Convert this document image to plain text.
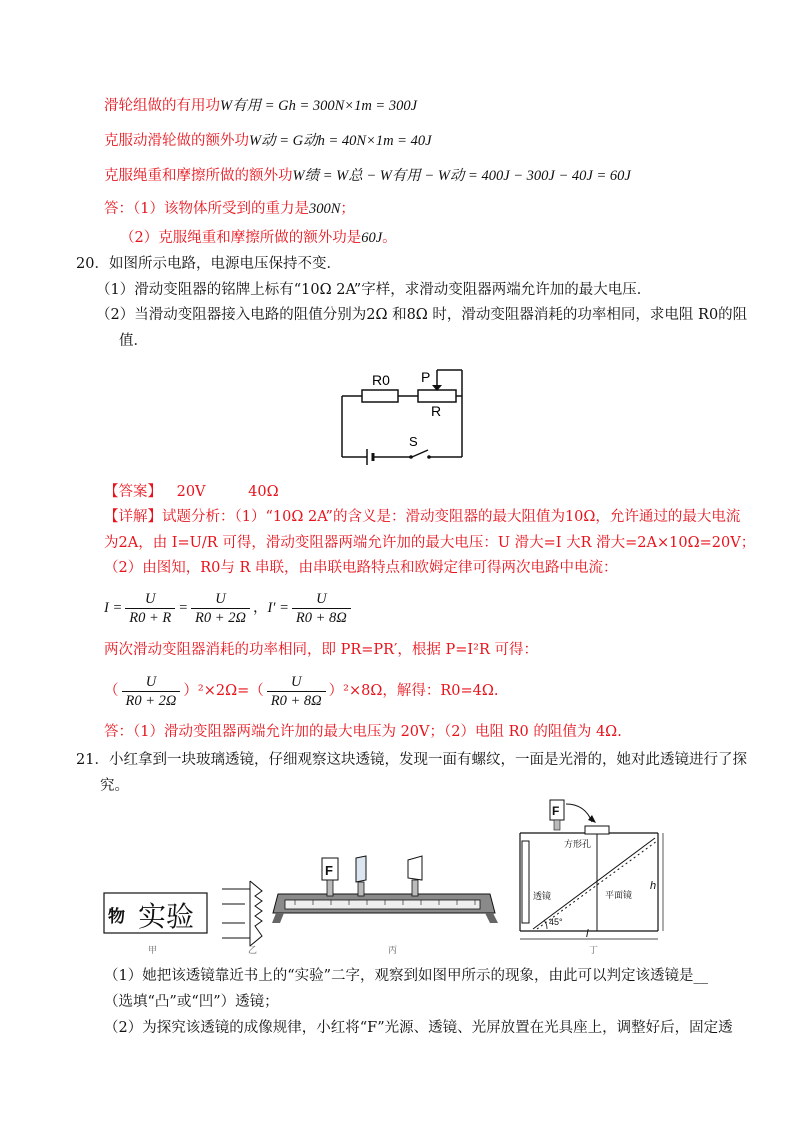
滑轮组做的有用功W有用 = Gh = 300N×1m = 300J
克服动滑轮做的额外功W动 = G动h = 40N×1m = 40J
克服绳重和摩擦所做的额外功W绩 = W总 − W有用 − W动 = 400J − 300J − 40J = 60J
答：（1）该物体所受到的重力是300N；
（2）克服绳重和摩擦所做的额外功是60J。
20．如图所示电路，电源电压保持不变．
（1）滑动变阻器的铭牌上标有“10Ω 2A”字样，求滑动变阻器两端允许加的最大电压．
（2）当滑动变阻器接入电路的阻值分别为2Ω 和8Ω 时，滑动变阻器消耗的功率相同，求电阻 R0的阻
值．
R0 P
R
S
【答案】 20V	40Ω
【详解】试题分析：（1）“10Ω 2A”的含义是：滑动变阻器的最大阻值为10Ω，允许通过的最大电流
为2A，由 I=U/R 可得，滑动变阻器两端允许加的最大电压：U 滑大=I 大R 滑大=2A×10Ω=20V；
（2）由图知，R0与 R 串联，由串联电路特点和欧姆定律可得两次电路中电流：
$I = \frac{U}{R0 + R} = \frac{U}{R0 + 2\Omega}$ ， $I' = \frac{U}{R0 + 8\Omega}$
两次滑动变阻器消耗的功率相同，即 PR=PR′，根据 P=I²R 可得：
（ $\frac{U}{R0 + 2\Omega} )^2\times 2\Omega=( \frac{U}{R0 + 8\Omega} )^2\times 8\Omega$，解得：R0=4Ω.
答：（1）滑动变阻器两端允许加的最大电压为 20V；（2）电阻 R0 的阻值为 4Ω.
21．小红拿到一块玻璃透镜，仔细观察这块透镜，发现一面有螺纹，一面是光滑的，她对此透镜进行了探
究。
物 实验
甲	乙
F
丙
F
方形孔
透镜	平面镜
h
l
45°
丁
（1）她把该透镜靠近书上的“实验”二字，观察到如图甲所示的现象，由此可以判定该透镜是__
（选填“凸”或“凹”）透镜；
（2）为探究该透镜的成像规律，小红将“F”光源、透镜、光屏放置在光具座上，调整好后，固定透
